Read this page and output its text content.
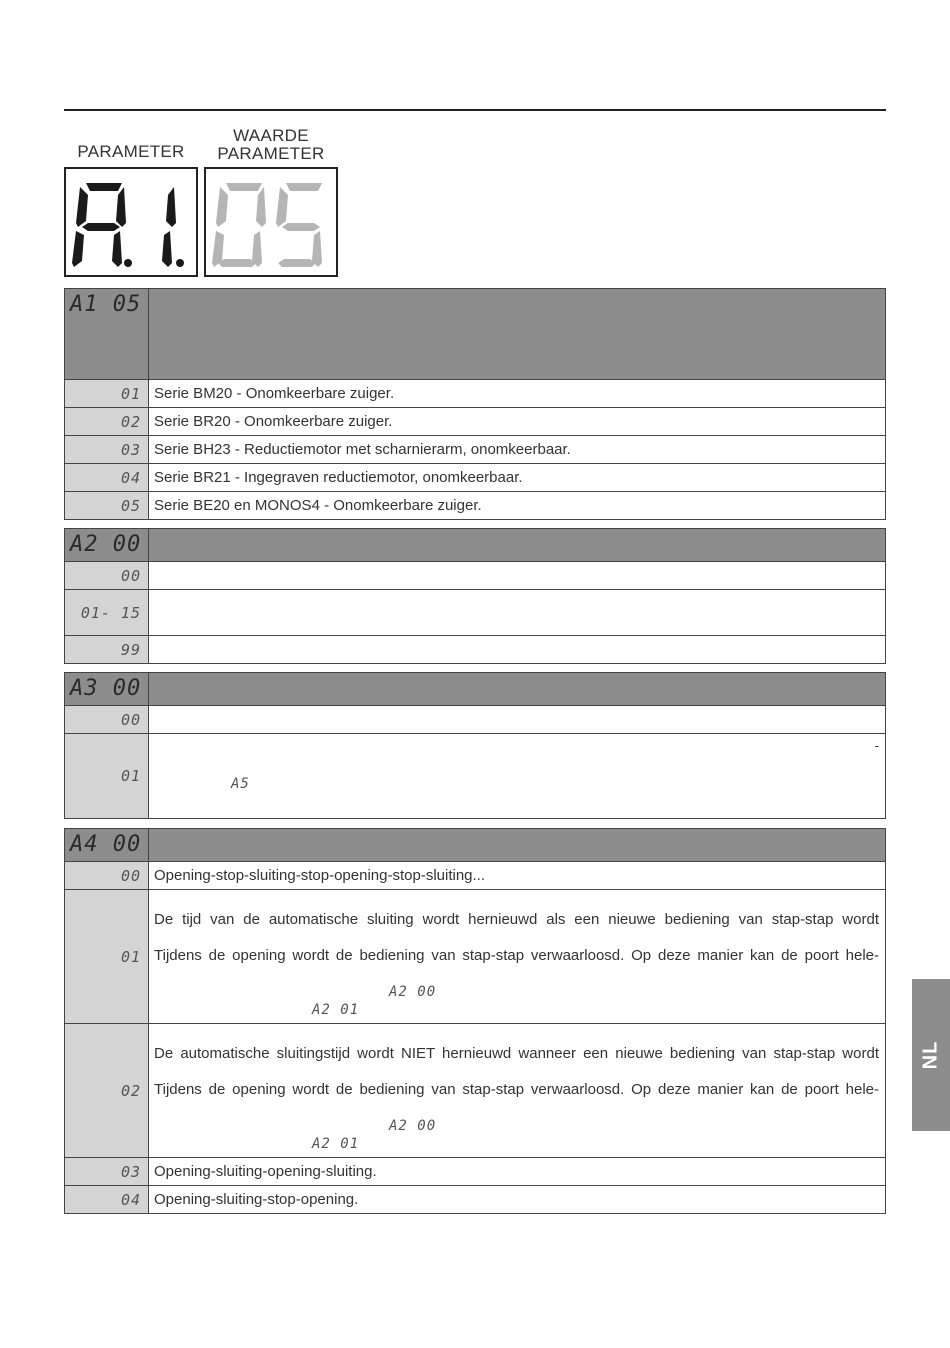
PARAMETER
WAARDE
PARAMETER
A1 05	
01	Serie BM20 - Onomkeerbare zuiger.
02	Serie BR20 - Onomkeerbare zuiger.
03	Serie BH23 - Reductiemotor met scharnierarm, onomkeerbaar.
04	Serie BR21 - Ingegraven reductiemotor, onomkeerbaar.
05	Serie BE20 en MONOS4 - Onomkeerbare zuiger.
A2 00	
00	
01- 15	
99	
A3 00	
00	
01	-
A5
A4 00	
00	Opening-stop-sluiting-stop-opening-stop-sluiting...
01	De tijd van de automatische sluiting wordt hernieuwd als een nieuwe bediening van stap-stap wordt
Tijdens de opening wordt de bediening van stap-stap verwaarloosd. Op deze manier kan de poort hele-
A2 00
A2 01

02	De automatische sluitingstijd wordt NIET hernieuwd wanneer een nieuwe bediening van stap-stap wordt
Tijdens de opening wordt de bediening van stap-stap verwaarloosd. Op deze manier kan de poort hele-
A2 00
A2 01

03	Opening-sluiting-opening-sluiting.
04	Opening-sluiting-stop-opening.
NL
